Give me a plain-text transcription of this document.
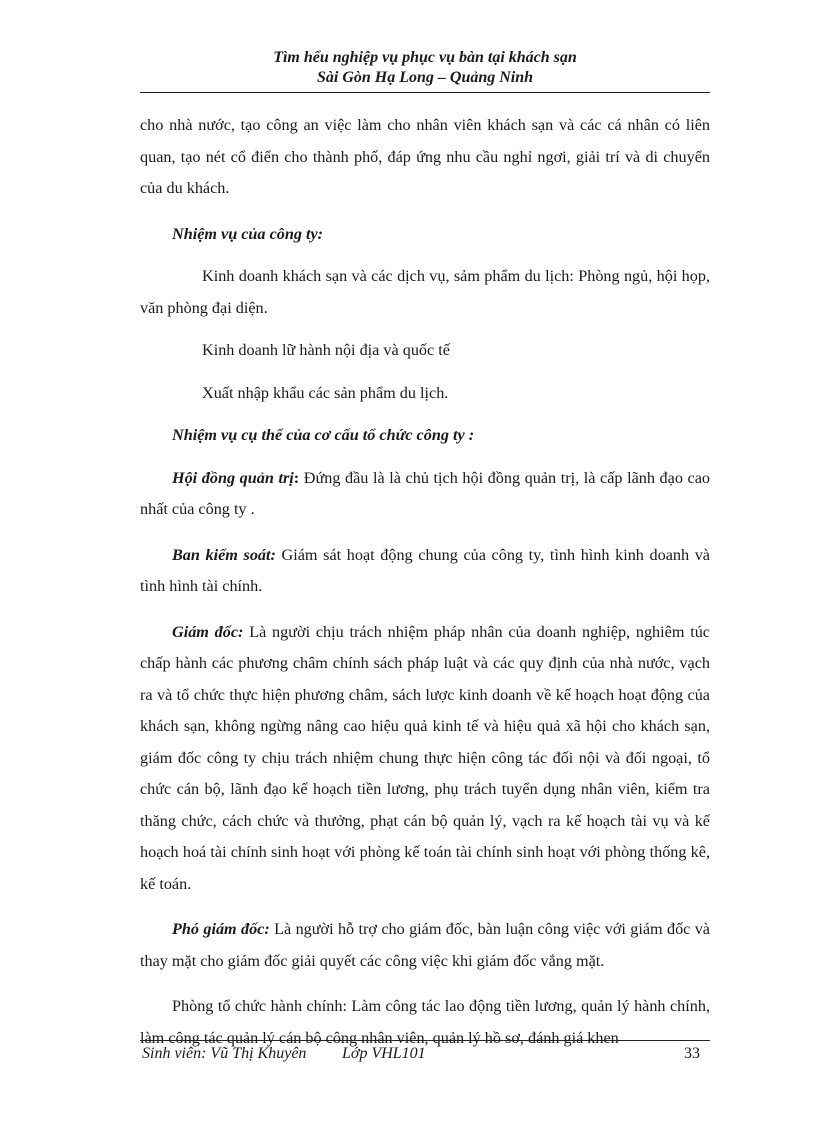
Tìm hểu nghiệp vụ phục vụ bàn tại khách sạn
Sài Gòn Hạ Long – Quảng Ninh

cho nhà nước, tạo công an việc làm cho nhân viên khách sạn và các cá nhân có liên quan, tạo nét cổ điển cho thành phố, đáp ứng nhu cầu nghỉ ngơi, giải trí và di chuyển của du khách.

Nhiệm vụ của công ty:

Kinh doanh khách sạn và các dịch vụ, sảm phẩm du lịch: Phòng ngủ, hội họp, văn phòng đại diện.

Kinh doanh lữ hành nội địa và quốc tế

Xuất nhập khẩu các sản phẩm du lịch.

Nhiệm vụ cụ thể của cơ cấu tổ chức công ty :

Hội đồng quản trị: Đứng đầu là là chủ tịch hội đồng quản trị, là cấp lãnh đạo cao nhất của công ty .

Ban kiểm soát: Giám sát hoạt động chung của công ty, tình hình kinh doanh và tình hình tài chính.

Giám đốc: Là người chịu trách nhiệm pháp nhân của doanh nghiệp, nghiêm túc chấp hành các phương châm chính sách pháp luật và các quy định của nhà nước, vạch ra và tổ chức thực hiện phương châm, sách lược kinh doanh về kế hoạch hoạt động của khách sạn, không ngừng nâng cao hiệu quả kinh tế và hiệu quả xã hội cho khách sạn, giám đốc công ty chịu trách nhiệm chung thực hiện công tác đối nội và đối ngoại, tổ chức cán bộ, lãnh đạo kế hoạch tiền lương, phụ trách tuyển dụng nhân viên, kiểm tra thăng chức, cách chức và thưởng, phạt cán bộ quản lý, vạch ra kế hoạch tài vụ và kế hoạch hoá tài chính sinh hoạt với phòng kế toán tài chính sinh hoạt với phòng thống kê, kế toán.

Phó giám đốc: Là người hỗ trợ cho giám đốc, bàn luận công việc với giám đốc và thay mặt cho giám đốc giải quyết các công việc khi giám đốc vắng mặt.

Phòng tổ chức hành chính: Làm công tác lao động tiền lương, quản lý hành chính, làm công tác quản lý cán bộ công nhân viên, quản lý hồ sơ, đánh giá khen

Sinh viên: Vũ Thị Khuyên Lớp VHL101	33
